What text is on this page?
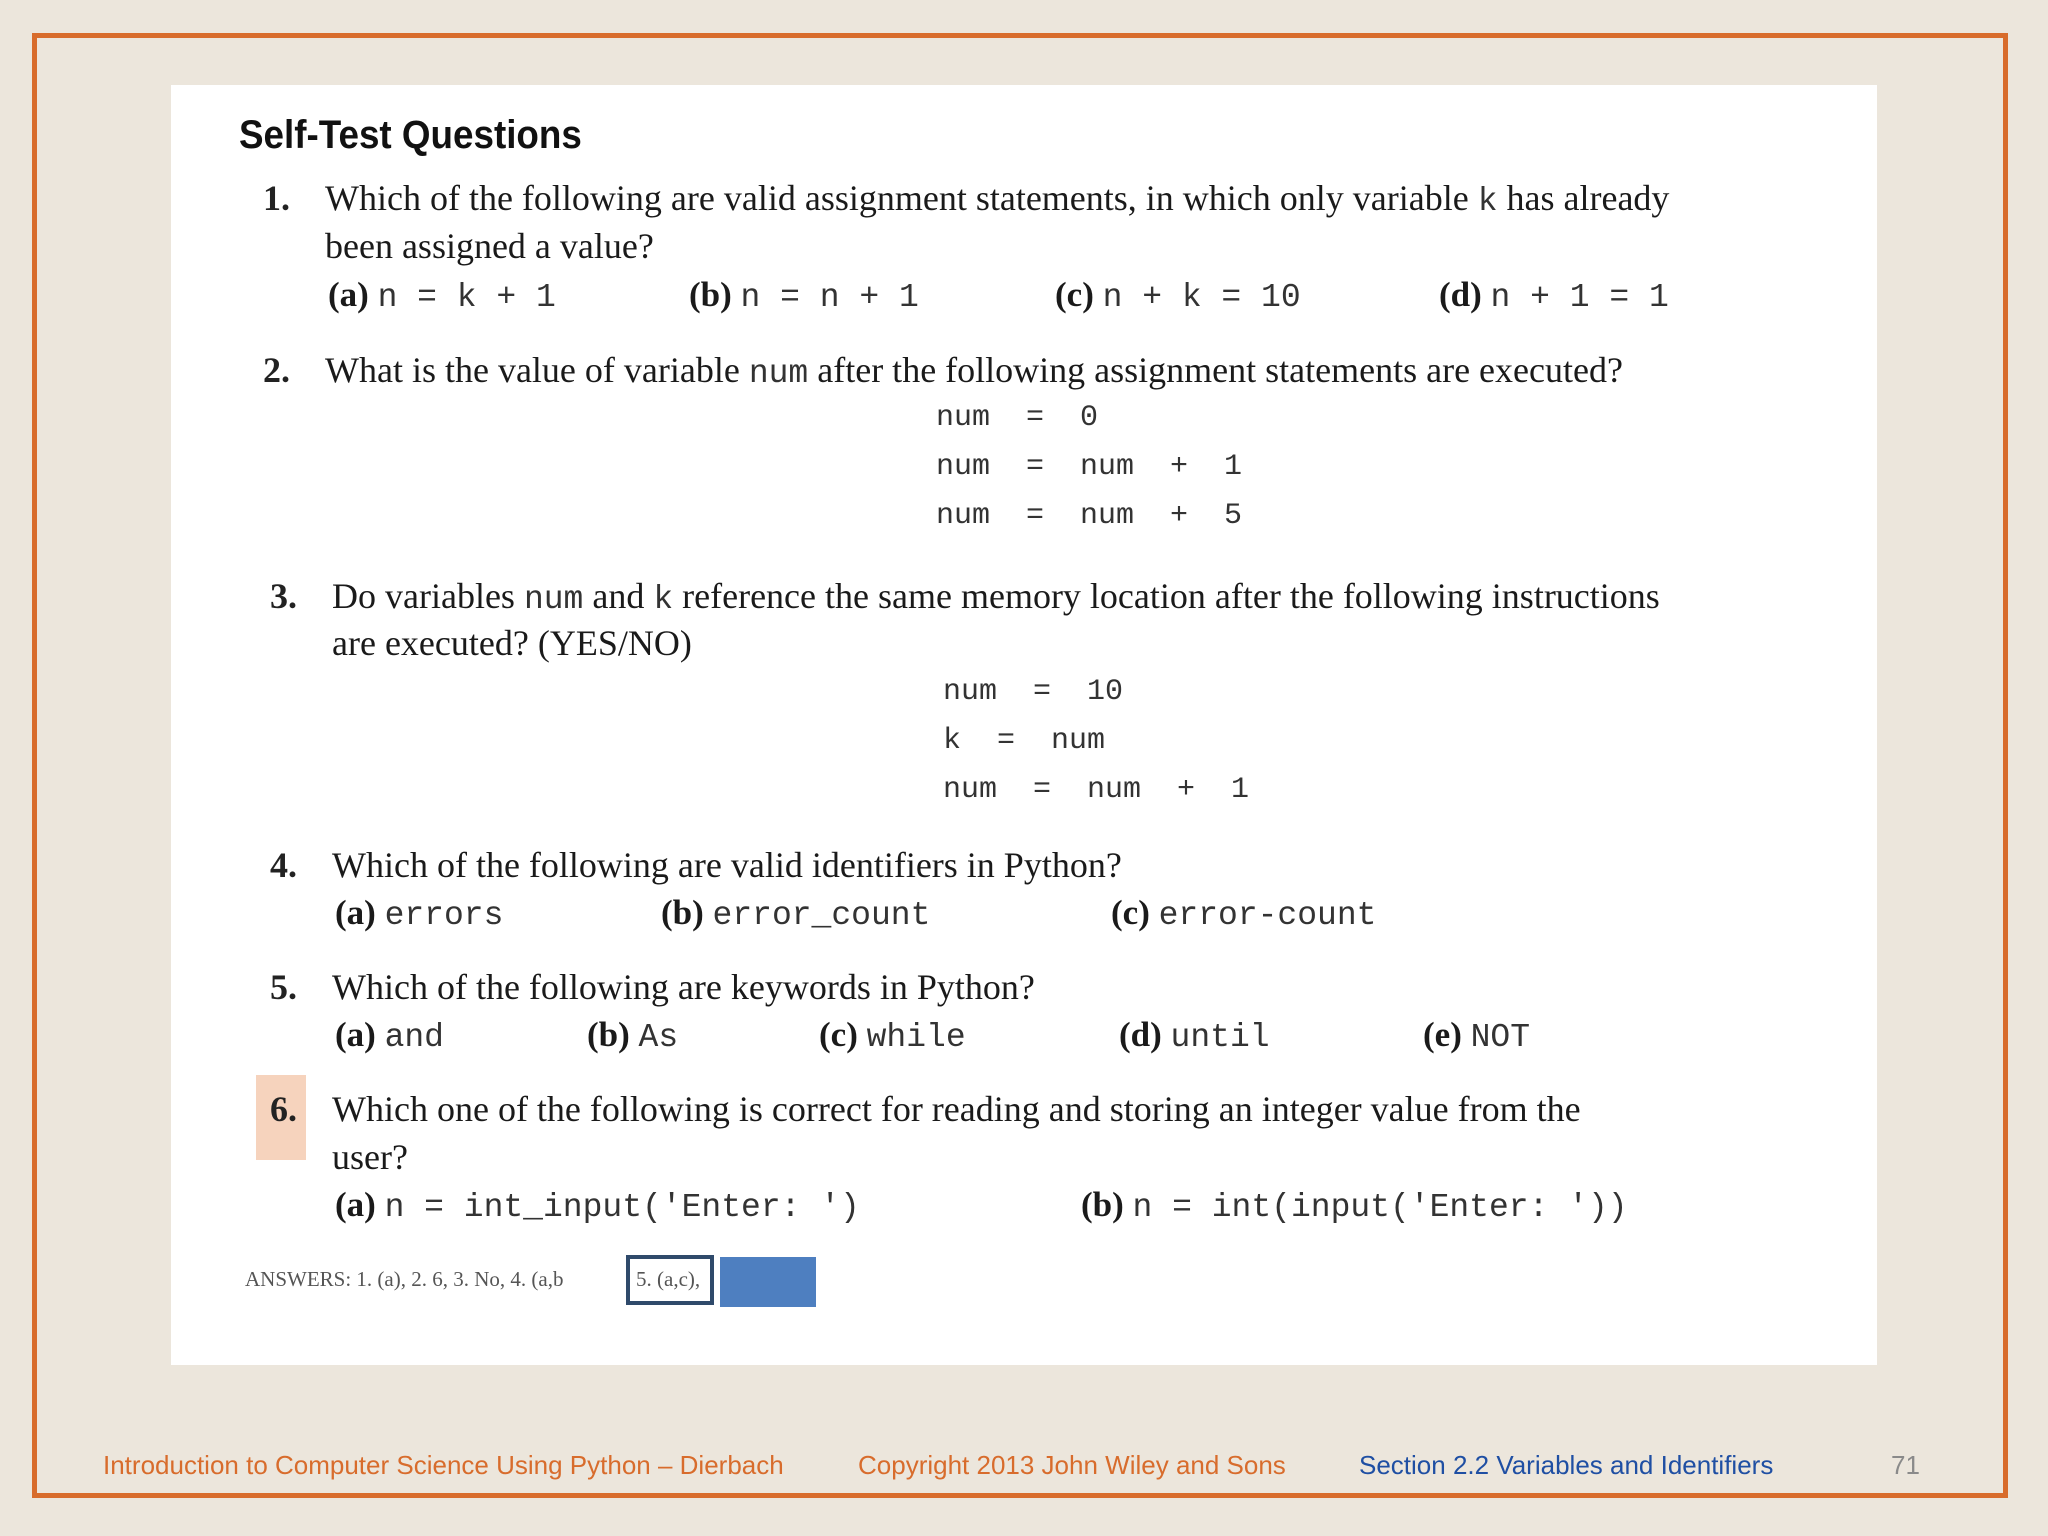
Self-Test Questions
1. Which of the following are valid assignment statements, in which only variable k has already
been assigned a value?
(a) n = k + 1	(b) n = n + 1	(c) n + k = 10	(d) n + 1 = 1
2. What is the value of variable num after the following assignment statements are executed?
num  =  0
num  =  num  +  1
num  =  num  +  5
3. Do variables num and k reference the same memory location after the following instructions
are executed? (YES/NO)
num  =  10
k  =  num
num  =  num  +  1
4. Which of the following are valid identifiers in Python?
(a) errors	(b) error_count	(c) error-count
5. Which of the following are keywords in Python?
(a) and	(b) As	(c) while	(d) until	(e) NOT
6. Which one of the following is correct for reading and storing an integer value from the
user?
(a) n = int_input('Enter: ')	(b) n = int(input('Enter: '))
ANSWERS: 1. (a), 2. 6, 3. No, 4. (a,b	5. (a,c),
Introduction to Computer Science Using Python – Dierbach	Copyright 2013 John Wiley and Sons	Section 2.2 Variables and Identifiers	71
